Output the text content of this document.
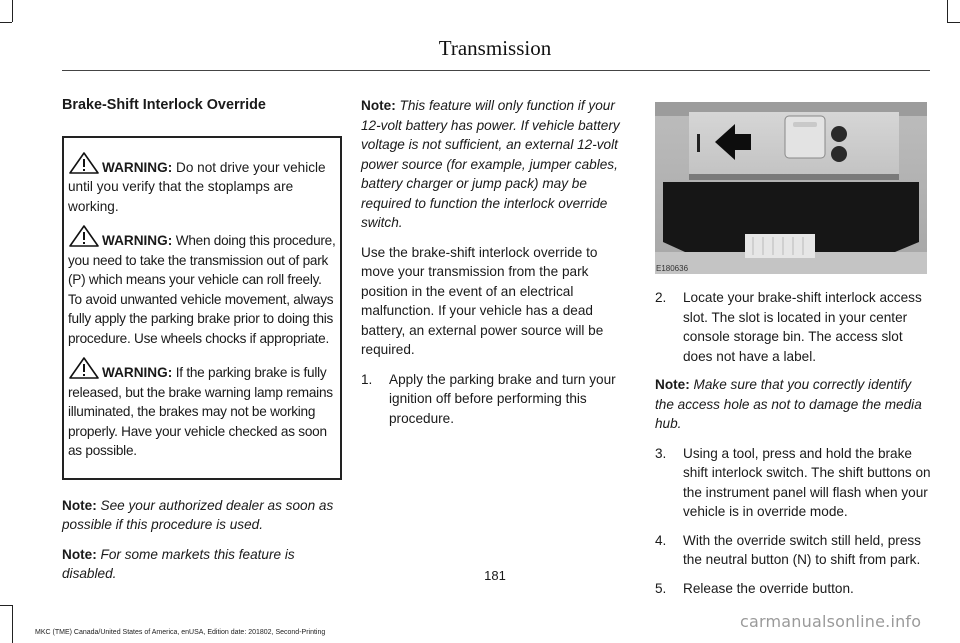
Transmission

Brake-Shift Interlock Override

WARNING: Do not drive your vehicle until you verify that the stoplamps are working.

WARNING: When doing this procedure, you need to take the transmission out of park (P) which means your vehicle can roll freely. To avoid unwanted vehicle movement, always fully apply the parking brake prior to doing this procedure. Use wheels chocks if appropriate.

WARNING: If the parking brake is fully released, but the brake warning lamp remains illuminated, the brakes may not be working properly. Have your vehicle checked as soon as possible.

Note: See your authorized dealer as soon as possible if this procedure is used.

Note: For some markets this feature is disabled.

Note: This feature will only function if your 12-volt battery has power. If vehicle battery voltage is not sufficient, an external 12-volt power source (for example, jumper cables, battery charger or jump pack) may be required to function the interlock override switch.

Use the brake-shift interlock override to move your transmission from the park position in the event of an electrical malfunction. If your vehicle has a dead battery, an external power source will be required.

1.	Apply the parking brake and turn your ignition off before performing this procedure.
E180636
2.	Locate your brake-shift interlock access slot. The slot is located in your center console storage bin. The access slot does not have a label.

Note: Make sure that you correctly identify the access hole as not to damage the media hub.

3.	Using a tool, press and hold the brake shift interlock switch. The shift buttons on the instrument panel will flash when your vehicle is in override mode.
4.	With the override switch still held, press the neutral button (N) to shift from park.
5.	Release the override button.
181
MKC (TME) Canada/United States of America, enUSA, Edition date: 201802, Second-Printing
carmanualsonline.info
